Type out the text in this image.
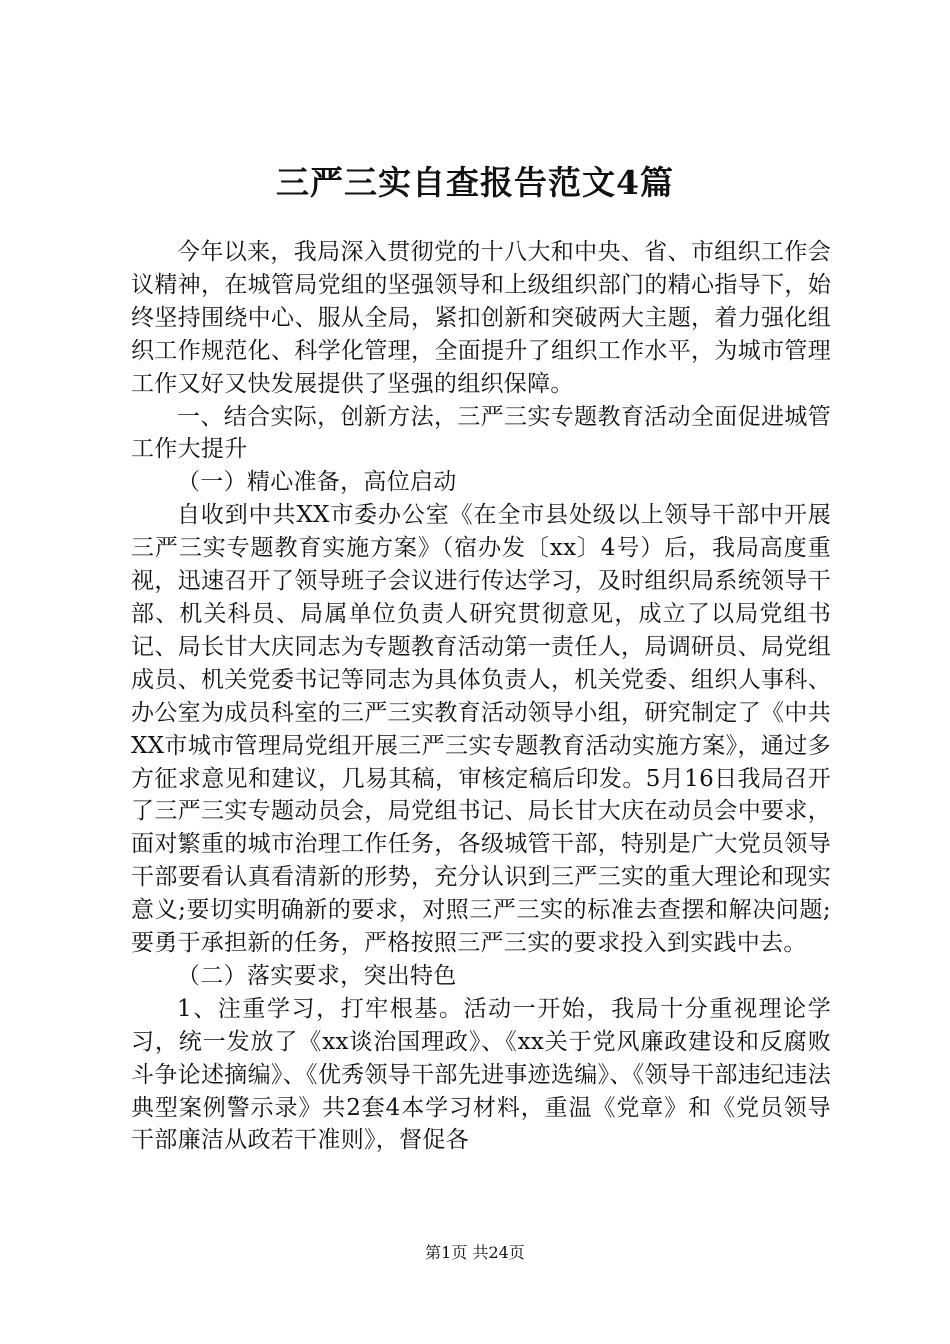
三严三实自查报告范文4篇

今年以来，我局深入贯彻党的十八大和中央、省、市组织工作会议精神，在城管局党组的坚强领导和上级组织部门的精心指导下，始终坚持围绕中心、服从全局，紧扣创新和突破两大主题，着力强化组织工作规范化、科学化管理，全面提升了组织工作水平，为城市管理工作又好又快发展提供了坚强的组织保障。

一、结合实际，创新方法，三严三实专题教育活动全面促进城管工作大提升

（一）精心准备，高位启动

自收到中共XX市委办公室《在全市县处级以上领导干部中开展三严三实专题教育实施方案》（宿办发〔xx〕4号）后，我局高度重视，迅速召开了领导班子会议进行传达学习，及时组织局系统领导干部、机关科员、局属单位负责人研究贯彻意见，成立了以局党组书记、局长甘大庆同志为专题教育活动第一责任人，局调研员、局党组成员、机关党委书记等同志为具体负责人，机关党委、组织人事科、办公室为成员科室的三严三实教育活动领导小组，研究制定了《中共XX市城市管理局党组开展三严三实专题教育活动实施方案》，通过多方征求意见和建议，几易其稿，审核定稿后印发。5月16日我局召开了三严三实专题动员会，局党组书记、局长甘大庆在动员会中要求，面对繁重的城市治理工作任务，各级城管干部，特别是广大党员领导干部要看认真看清新的形势，充分认识到三严三实的重大理论和现实意义;要切实明确新的要求，对照三严三实的标准去查摆和解决问题;要勇于承担新的任务，严格按照三严三实的要求投入到实践中去。

（二）落实要求，突出特色

1、注重学习，打牢根基。活动一开始，我局十分重视理论学习，统一发放了《xx谈治国理政》、《xx关于党风廉政建设和反腐败斗争论述摘编》、《优秀领导干部先进事迹选编》、《领导干部违纪违法典型案例警示录》共2套4本学习材料，重温《党章》和《党员领导干部廉洁从政若干准则》，督促各

第1页 共24页
